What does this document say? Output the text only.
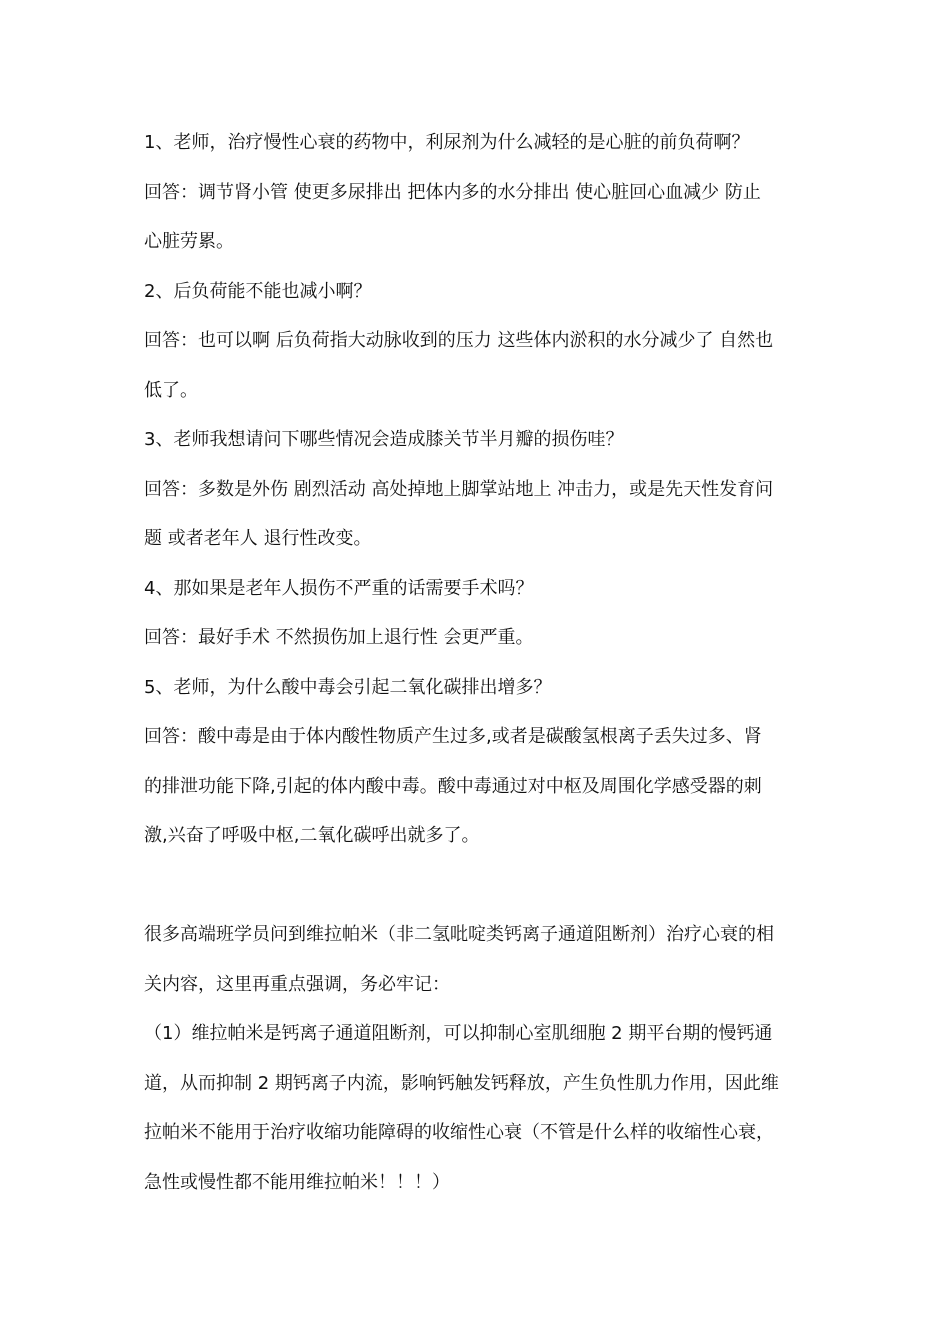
1、老师，治疗慢性心衰的药物中，利尿剂为什么减轻的是心脏的前负荷啊？
回答：调节肾小管 使更多尿排出 把体内多的水分排出 使心脏回心血减少 防止
心脏劳累。
2、后负荷能不能也减小啊？
回答：也可以啊 后负荷指大动脉收到的压力 这些体内淤积的水分减少了 自然也
低了。
3、老师我想请问下哪些情况会造成膝关节半月瓣的损伤哇？
回答：多数是外伤 剧烈活动 高处掉地上脚掌站地上 冲击力，或是先天性发育问
题 或者老年人 退行性改变。
4、那如果是老年人损伤不严重的话需要手术吗？
回答：最好手术 不然损伤加上退行性 会更严重。
5、老师，为什么酸中毒会引起二氧化碳排出增多？
回答：酸中毒是由于体内酸性物质产生过多,或者是碳酸氢根离子丢失过多、肾
的排泄功能下降,引起的体内酸中毒。酸中毒通过对中枢及周围化学感受器的刺
激,兴奋了呼吸中枢,二氧化碳呼出就多了。
很多高端班学员问到维拉帕米（非二氢吡啶类钙离子通道阻断剂）治疗心衰的相
关内容，这里再重点强调，务必牢记：
（1）维拉帕米是钙离子通道阻断剂，可以抑制心室肌细胞 2 期平台期的慢钙通
道，从而抑制 2 期钙离子内流，影响钙触发钙释放，产生负性肌力作用，因此维
拉帕米不能用于治疗收缩功能障碍的收缩性心衰（不管是什么样的收缩性心衰，
急性或慢性都不能用维拉帕米！！！）
